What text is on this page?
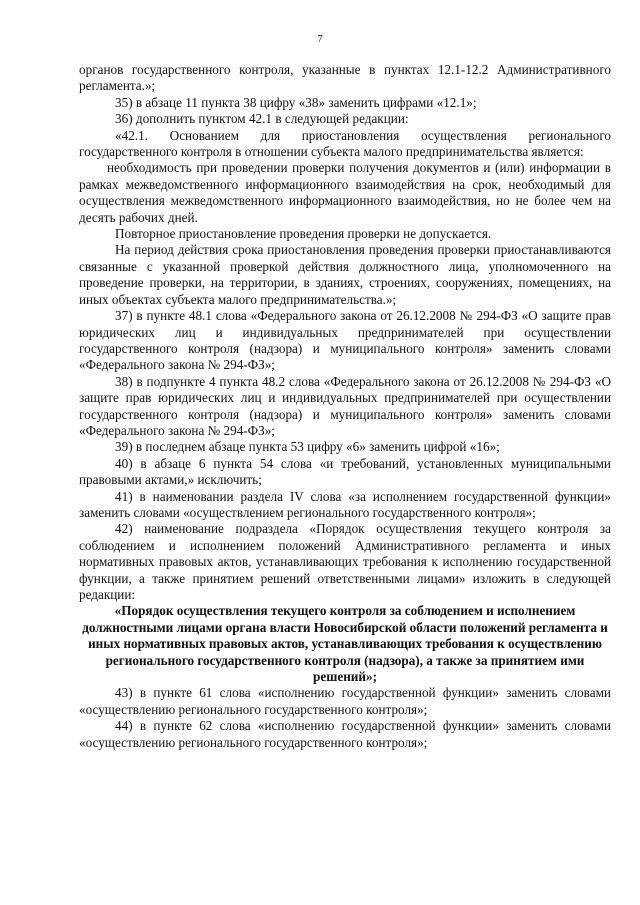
7

органов государственного контроля, указанные в пунктах 12.1-12.2 Административного регламента.»;

35) в абзаце 11 пункта 38 цифру «38» заменить цифрами «12.1»;

36) дополнить пунктом 42.1 в следующей редакции:

«42.1. Основанием для приостановления осуществления регионального государственного контроля в отношении субъекта малого предпринимательства является:

необходимость при проведении проверки получения документов и (или) информации в рамках межведомственного информационного взаимодействия на срок, необходимый для осуществления межведомственного информационного взаимодействия, но не более чем на десять рабочих дней.

Повторное приостановление проведения проверки не допускается.

На период действия срока приостановления проведения проверки приостанавливаются связанные с указанной проверкой действия должностного лица, уполномоченного на проведение проверки, на территории, в зданиях, строениях, сооружениях, помещениях, на иных объектах субъекта малого предпринимательства.»;

37) в пункте 48.1 слова «Федерального закона от 26.12.2008 № 294-ФЗ «О защите прав юридических лиц и индивидуальных предпринимателей при осуществлении государственного контроля (надзора) и муниципального контроля» заменить словами «Федерального закона № 294-ФЗ»;

38) в подпункте 4 пункта 48.2 слова «Федерального закона от 26.12.2008 № 294-ФЗ «О защите прав юридических лиц и индивидуальных предпринимателей при осуществлении государственного контроля (надзора) и муниципального контроля» заменить словами «Федерального закона № 294-ФЗ»;

39) в последнем абзаце пункта 53 цифру «6» заменить цифрой «16»;

40) в абзаце 6 пункта 54 слова «и требований, установленных муниципальными правовыми актами,» исключить;

41) в наименовании раздела IV слова «за исполнением государственной функции» заменить словами «осуществлением регионального государственного контроля»;

42) наименование подраздела «Порядок осуществления текущего контроля за соблюдением и исполнением положений Административного регламента и иных нормативных правовых актов, устанавливающих требования к исполнению государственной функции, а также принятием решений ответственными лицами» изложить в следующей редакции:

«Порядок осуществления текущего контроля за соблюдением и исполнением должностными лицами органа власти Новосибирской области положений регламента и иных нормативных правовых актов, устанавливающих требования к осуществлению регионального государственного контроля (надзора), а также за принятием ими решений»;

43) в пункте 61 слова «исполнению государственной функции» заменить словами «осуществлению регионального государственного контроля»;

44) в пункте 62 слова «исполнению государственной функции» заменить словами «осуществлению регионального государственного контроля»;
